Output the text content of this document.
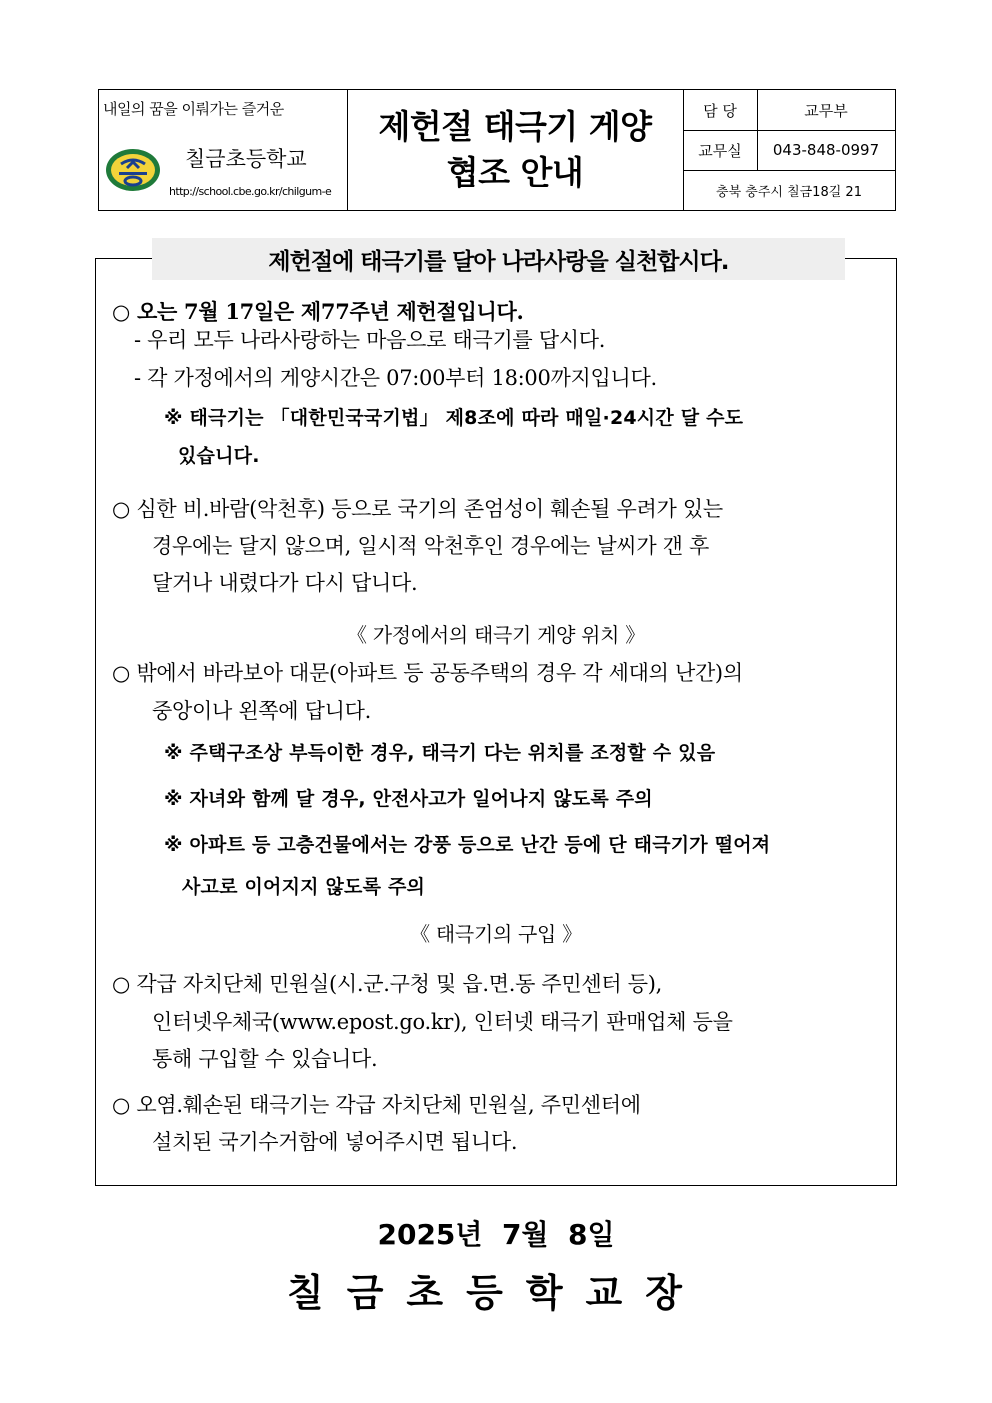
내일의 꿈을 이뤄가는 즐거운
칠금초등학교
http://school.cbe.go.kr/chilgum-e
제헌절 태극기 게양
협조 안내
담 당	교무부
교무실	043-848-0997
충북 충주시 칠금18길 21
제헌절에 태극기를 달아 나라사랑을 실천합시다.
○ 오는 7월 17일은 제77주년 제헌절입니다.
- 우리 모두 나라사랑하는 마음으로 태극기를 답시다.
- 각 가정에서의 게양시간은 07:00부터 18:00까지입니다.
※ 태극기는 「대한민국국기법」 제8조에 따라 매일·24시간 달 수도
있습니다.
○ 심한 비.바람(악천후) 등으로 국기의 존엄성이 훼손될 우려가 있는
경우에는 달지 않으며, 일시적 악천후인 경우에는 날씨가 갠 후
달거나 내렸다가 다시 답니다.
《 가정에서의 태극기 게양 위치 》
○ 밖에서 바라보아 대문(아파트 등 공동주택의 경우 각 세대의 난간)의
중앙이나 왼쪽에 답니다.
※ 주택구조상 부득이한 경우, 태극기 다는 위치를 조정할 수 있음
※ 자녀와 함께 달 경우, 안전사고가 일어나지 않도록 주의
※ 아파트 등 고층건물에서는 강풍 등으로 난간 등에 단 태극기가 떨어져
사고로 이어지지 않도록 주의
《 태극기의 구입 》
○ 각급 자치단체 민원실(시.군.구청 및 읍.면.동 주민센터 등),
인터넷우체국(www.epost.go.kr), 인터넷 태극기 판매업체 등을
통해 구입할 수 있습니다.
○ 오염.훼손된 태극기는 각급 자치단체 민원실, 주민센터에
설치된 국기수거함에 넣어주시면 됩니다.
2025년  7월  8일
칠금초등학교장
